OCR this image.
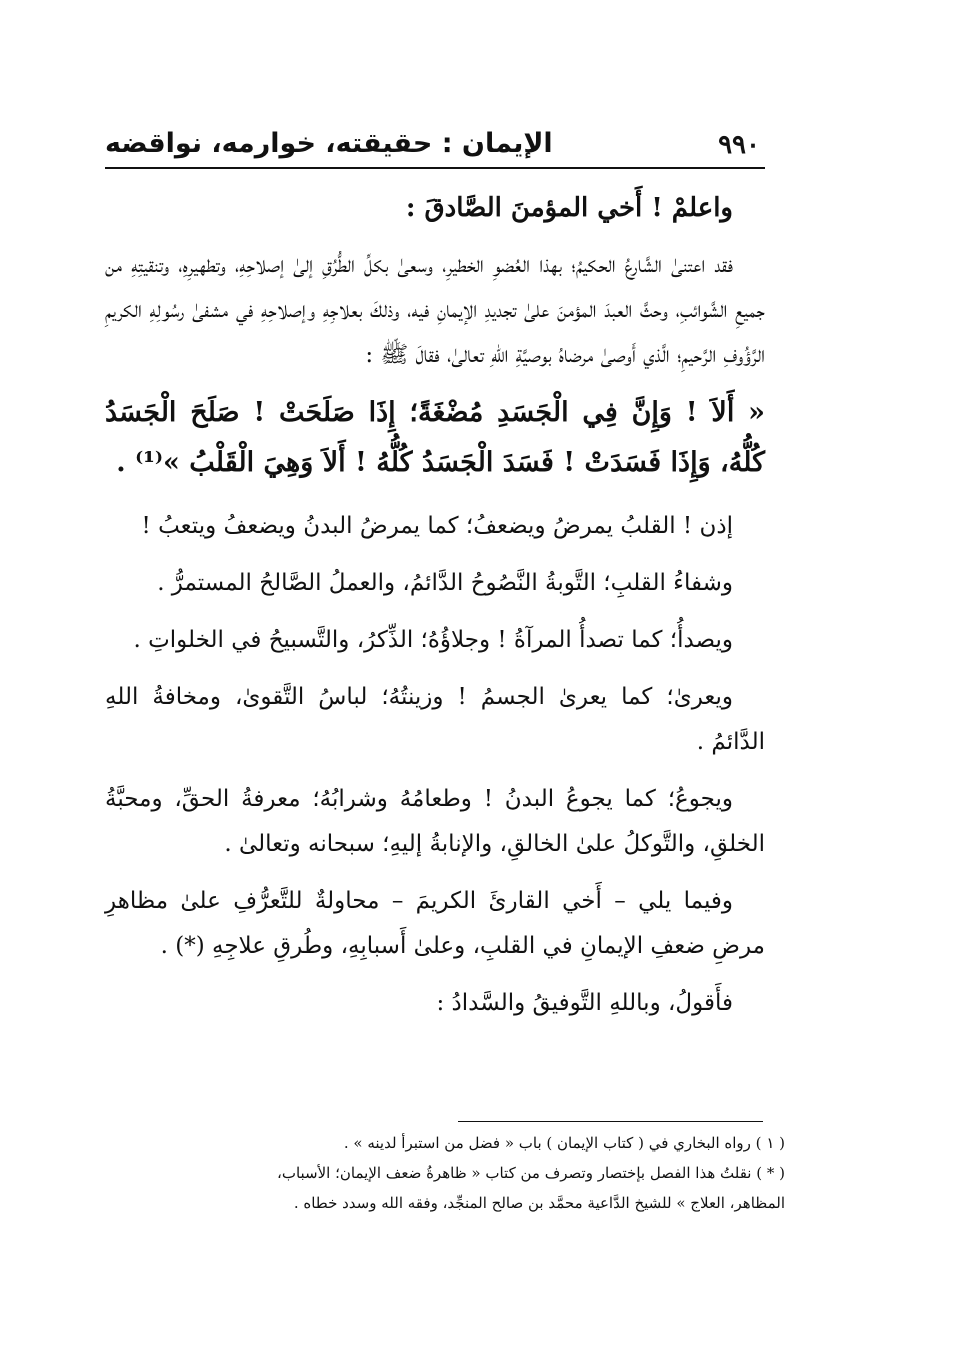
٩٩٠
الإيمان : حقيقته، خوارمه، نواقضه

واعلمْ ! أَخي المؤمنَ الصَّادقَ :

فقد اعتنىٰ الشَّارعُ الحكيمُ؛ بهذا العُضوِ الخطيرِ، وسعىٰ بكلِّ الطُّرُقِ إلىٰ إصلاحِهِ، وتطهيرِهِ، وتنقيتِهِ من جميعِ الشَّوائبِ، وحثَّ العبدَ المؤمنَ علىٰ تجديدِ الإيمانِ فيه، وذلكَ بعلاجِهِ وإصلاحِهِ في مشفىٰ رسُولِهِ الكريمِ الرَّؤُوفِ الرَّحيمِ؛ الَّذي أَوصىٰ مرضاهُ بوصيَّةِ اللهِ تعالىٰ، فقالَ ﷺ :

« أَلاَ ! وَإِنَّ فِي الْجَسَدِ مُضْغَةً؛ إِذَا صَلَحَتْ ! صَلَحَ الْجَسَدُ كُلُّهُ، وَإِذَا فَسَدَتْ ! فَسَدَ الْجَسَدُ كُلُّهُ ! أَلاَ وَهِيَ الْقَلْبُ »⁽¹⁾ .

إذن ! القلبُ يمرضُ ويضعفُ؛ كما يمرضُ البدنُ ويضعفُ ويتعبُ !

وشفاءُ القلبِ؛ التَّوبةُ النَّصُوحُ الدَّائمُ، والعملُ الصَّالحُ المستمرُّ .

ويصدأُ؛ كما تصدأُ المرآةُ ! وجلاؤُهُ؛ الذِّكرُ، والتَّسبيحُ في الخلواتِ .

ويعرىٰ؛ كما يعرىٰ الجسمُ ! وزينتُهُ؛ لباسُ التَّقوىٰ، ومخافةُ اللهِ الدَّائمُ .

ويجوعُ؛ كما يجوعُ البدنُ ! وطعامُهُ وشرابُهُ؛ معرفةُ الحقِّ، ومحبَّةُ الخلقِ، والتَّوكلُ علىٰ الخالقِ، والإنابةُ إليهِ؛ سبحانه وتعالىٰ .

وفيما يلي – أَخي القارئَ الكريمَ – محاولةٌ للتَّعرُّفِ علىٰ مظاهرِ مرضِ ضعفِ الإيمانِ في القلبِ، وعلىٰ أَسبابِهِ، وطُرقِ علاجِهِ (*) .

فأَقولُ، وباللهِ التَّوفيقُ والسَّدادُ :

( ١ ) رواه البخاري في ( كتاب الإيمان ) باب « فضل من استبرأ لدينه » .

( * ) نقلتُ هذا الفصل بإختصار وتصرف من كتاب « ظاهرةُ ضعف الإيمان؛ الأسباب،

المظاهر، العلاج » للشيخ الدَّاعية محمَّد بن صالح المنجِّد، وفقه الله وسدد خطاه .
